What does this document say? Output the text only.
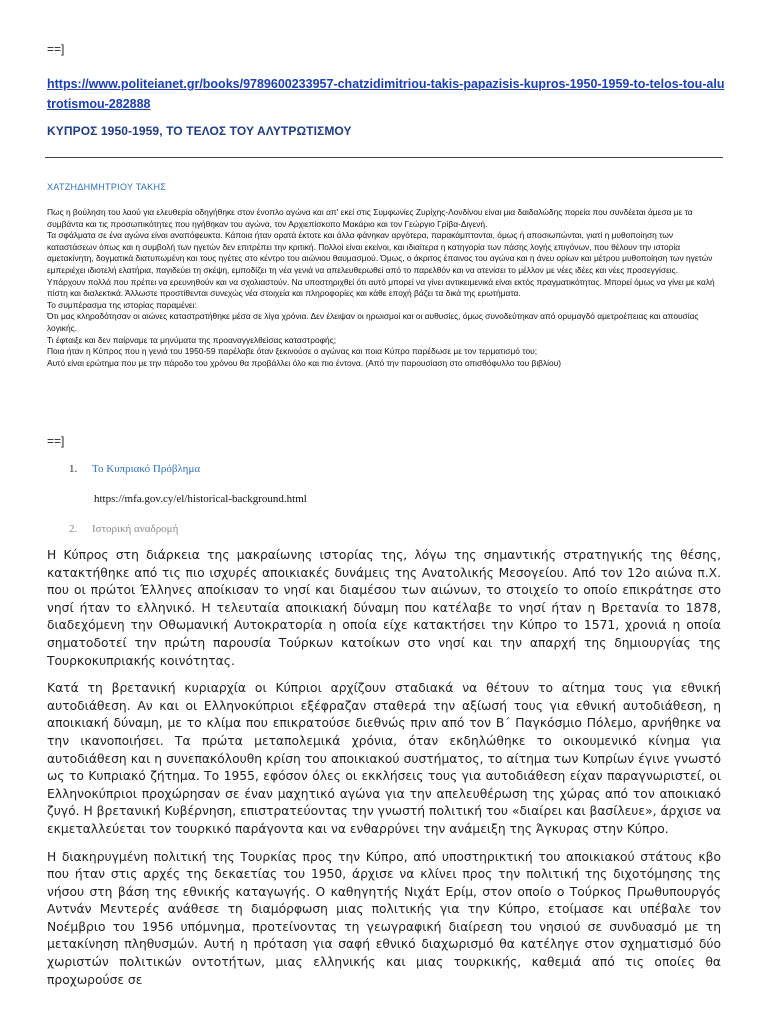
==]
https://www.politeianet.gr/books/9789600233957-chatzidimitriou-takis-papazisis-kupros-1950-1959-to-telos-tou-alutrotismou-282888
ΚΥΠΡΟΣ 1950-1959, ΤΟ ΤΕΛΟΣ ΤΟΥ ΑΛΥΤΡΩΤΙΣΜΟΥ
ΧΑΤΖΗΔΗΜΗΤΡΙΟΥ ΤΑΚΗΣ

Πως η βούληση του λαού για ελευθερία οδηγήθηκε στον ένοπλο αγώνα και απ' εκεί στις Συμφωνίες Ζυρίχης-Λονδίνου είναι μια δαιδαλώδης πορεία που συνδέεται άμεσα με τα συμβάντα και τις προσωπικότητες που ηγήθηκαν του αγώνα, τον Αρχιεπίσκοπο Μακάριο και τον Γεώργιο Γρίβα-Διγενή.

Τα σφάλματα σε ένα αγώνα είναι αναπόφευκτα. Κάποια ήταν ορατά έκτοτε και άλλα φάνηκαν αργότερα, παρακάμπτονται, όμως ή αποσιωπώνται, γιατί η μυθοποίηση των καταστάσεων όπως και η συμβολή των ηγετών δεν επιτρέπει την κριτική. Πολλοί είναι εκείνοι, και ιδιαίτερα η κατηγορία των πάσης λογής επιγόνων, που θέλουν την ιστορία αμετακίνητη, δογματικά διατυπωμένη και τους ηγέτες στο κέντρο του αιώνιου θαυμασμού. Όμως, ο άκριτος έπαινος του αγώνα και η άνευ ορίων και μέτρου μυθοποίηση των ηγετών εμπεριέχει ιδιοτελή ελατήρια, παγιδεύει τη σκέψη, εμποδίζει τη νέα γενιά να απελευθερωθεί από το παρελθόν και να ατενίσει το μέλλον με νέες ιδέες και νέες προσεγγίσεις.

Υπάρχουν πολλά που πρέπει να ερευνηθούν και να σχολιαστούν. Να υποστηριχθεί ότι αυτό μπορεί να γίνει αντικειμενικά είναι εκτός πραγματικότητας. Μπορεί όμως να γίνει με καλή πίστη και διαλεκτικά. Άλλωστε προστίθενται συνεχώς νέα στοιχεία και πληροφορίες και κάθε εποχή βάζει τα δικά της ερωτήματα.

Το συμπέρασμα της ιστορίας παραμένει:

Ότι μας κληροδότησαν οι αιώνες καταστρατήθηκε μέσα σε λίγα χρόνια. Δεν έλειψαν οι ηρωισμοί και οι αυθυσίες, όμως συνοδεύτηκαν από ορυμαγδό αμετροέπειας και απουσίας λογικής.

Τι έφταιξε και δεν παίρναμε τα μηνύματα της προαναγγελθείσας καταστροφής;

Ποια ήταν η Κύπρος που η γενιά του 1950-59 παρέλαβε όταν ξεκινούσε ο αγώνας και ποια Κύπρο παρέδωσε με τον τερματισμό του;

Αυτό είναι ερώτημα που με την πάροδο του χρόνου θα προβάλλει όλο και πιο έντονα. (Από την παρουσίαση στο οπισθόφυλλο του βιβλίου)

==]
1. Το Κυπριακό Πρόβλημα
https://mfa.gov.cy/el/historical-background.html
2. Ιστορική αναδρομή

Η Κύπρος στη διάρκεια της μακραίωνης ιστορίας της, λόγω της σημαντικής στρατηγικής της θέσης, κατακτήθηκε από τις πιο ισχυρές αποικιακές δυνάμεις της Ανατολικής Μεσογείου. Από τον 12ο αιώνα π.Χ. που οι πρώτοι Έλληνες αποίκισαν το νησί και διαμέσου των αιώνων, το στοιχείο το οποίο επικράτησε στο νησί ήταν το ελληνικό. Η τελευταία αποικιακή δύναμη που κατέλαβε το νησί ήταν η Βρετανία το 1878, διαδεχόμενη την Οθωμανική Αυτοκρατορία η οποία είχε κατακτήσει την Κύπρο το 1571, χρονιά η οποία σηματοδοτεί την πρώτη παρουσία Τούρκων κατοίκων στο νησί και την απαρχή της δημιουργίας της Τουρκοκυπριακής κοινότητας.

Κατά τη βρετανική κυριαρχία οι Κύπριοι αρχίζουν σταδιακά να θέτουν το αίτημα τους για εθνική αυτοδιάθεση. Αν και οι Ελληνοκύπριοι εξέφραζαν σταθερά την αξίωσή τους για εθνική αυτοδιάθεση, η αποικιακή δύναμη, με το κλίμα που επικρατούσε διεθνώς πριν από τον Β΄ Παγκόσμιο Πόλεμο, αρνήθηκε να την ικανοποιήσει. Τα πρώτα μεταπολεμικά χρόνια, όταν εκδηλώθηκε το οικουμενικό κίνημα για αυτοδιάθεση και η συνεπακόλουθη κρίση του αποικιακού συστήματος, το αίτημα των Κυπρίων έγινε γνωστό ως το Κυπριακό ζήτημα. Το 1955, εφόσον όλες οι εκκλήσεις τους για αυτοδιάθεση είχαν παραγνωριστεί, οι Ελληνοκύπριοι προχώρησαν σε έναν μαχητικό αγώνα για την απελευθέρωση της χώρας από τον αποικιακό ζυγό. Η βρετανική Κυβέρνηση, επιστρατεύοντας την γνωστή πολιτική του «διαίρει και βασίλευε», άρχισε να εκμεταλλεύεται τον τουρκικό παράγοντα και να ενθαρρύνει την ανάμειξη της Άγκυρας στην Κύπρο.

Η διακηρυγμένη πολιτική της Τουρκίας προς την Κύπρο, από υποστηρικτική του αποικιακού στάτους κβο που ήταν στις αρχές της δεκαετίας του 1950, άρχισε να κλίνει προς την πολιτική της διχοτόμησης της νήσου στη βάση της εθνικής καταγωγής. Ο καθηγητής Νιχάτ Ερίμ, στον οποίο ο Τούρκος Πρωθυπουργός Αντνάν Μεντερές ανάθεσε τη διαμόρφωση μιας πολιτικής για την Κύπρο, ετοίμασε και υπέβαλε τον Νοέμβριο του 1956 υπόμνημα, προτείνοντας τη γεωγραφική διαίρεση του νησιού σε συνδυασμό με τη μετακίνηση πληθυσμών. Αυτή η πρόταση για σαφή εθνικό διαχωρισμό θα κατέληγε στον σχηματισμό δύο χωριστών πολιτικών οντοτήτων, μιας ελληνικής και μιας τουρκικής, καθεμιά από τις οποίες θα προχωρούσε σε
